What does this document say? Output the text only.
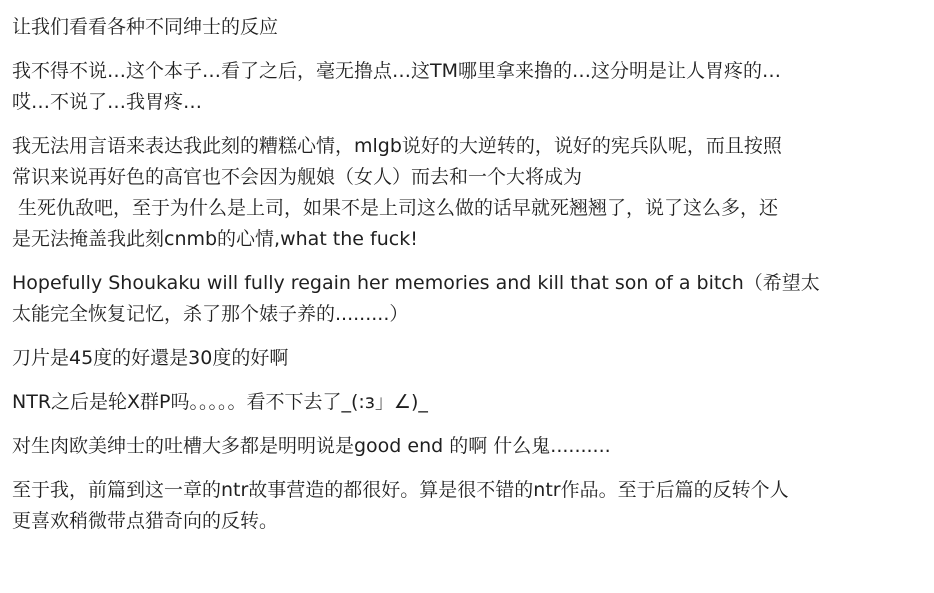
让我们看看各种不同绅士的反应

我不得不说…这个本子…看了之后，毫无撸点…这TM哪里拿来撸的…这分明是让人胃疼的…
哎…不说了…我胃疼…

我无法用言语来表达我此刻的糟糕心情，mlgb说好的大逆转的，说好的宪兵队呢，而且按照
常识来说再好色的高官也不会因为舰娘（女人）而去和一个大将成为
生死仇敌吧，至于为什么是上司，如果不是上司这么做的话早就死翘翘了，说了这么多，还
是无法掩盖我此刻cnmb的心情,what the fuck!

Hopefully Shoukaku will fully regain her memories and kill that son of a bitch（希望太
太能完全恢复记忆，杀了那个婊子养的.........）

刀片是45度的好還是30度的好啊

NTR之后是轮X群P吗。。。。。看不下去了_(:з」∠)_

对生肉欧美绅士的吐槽大多都是明明说是good end 的啊 什么鬼..........

至于我，前篇到这一章的ntr故事营造的都很好。算是很不错的ntr作品。至于后篇的反转个人
更喜欢稍微带点猎奇向的反转。
